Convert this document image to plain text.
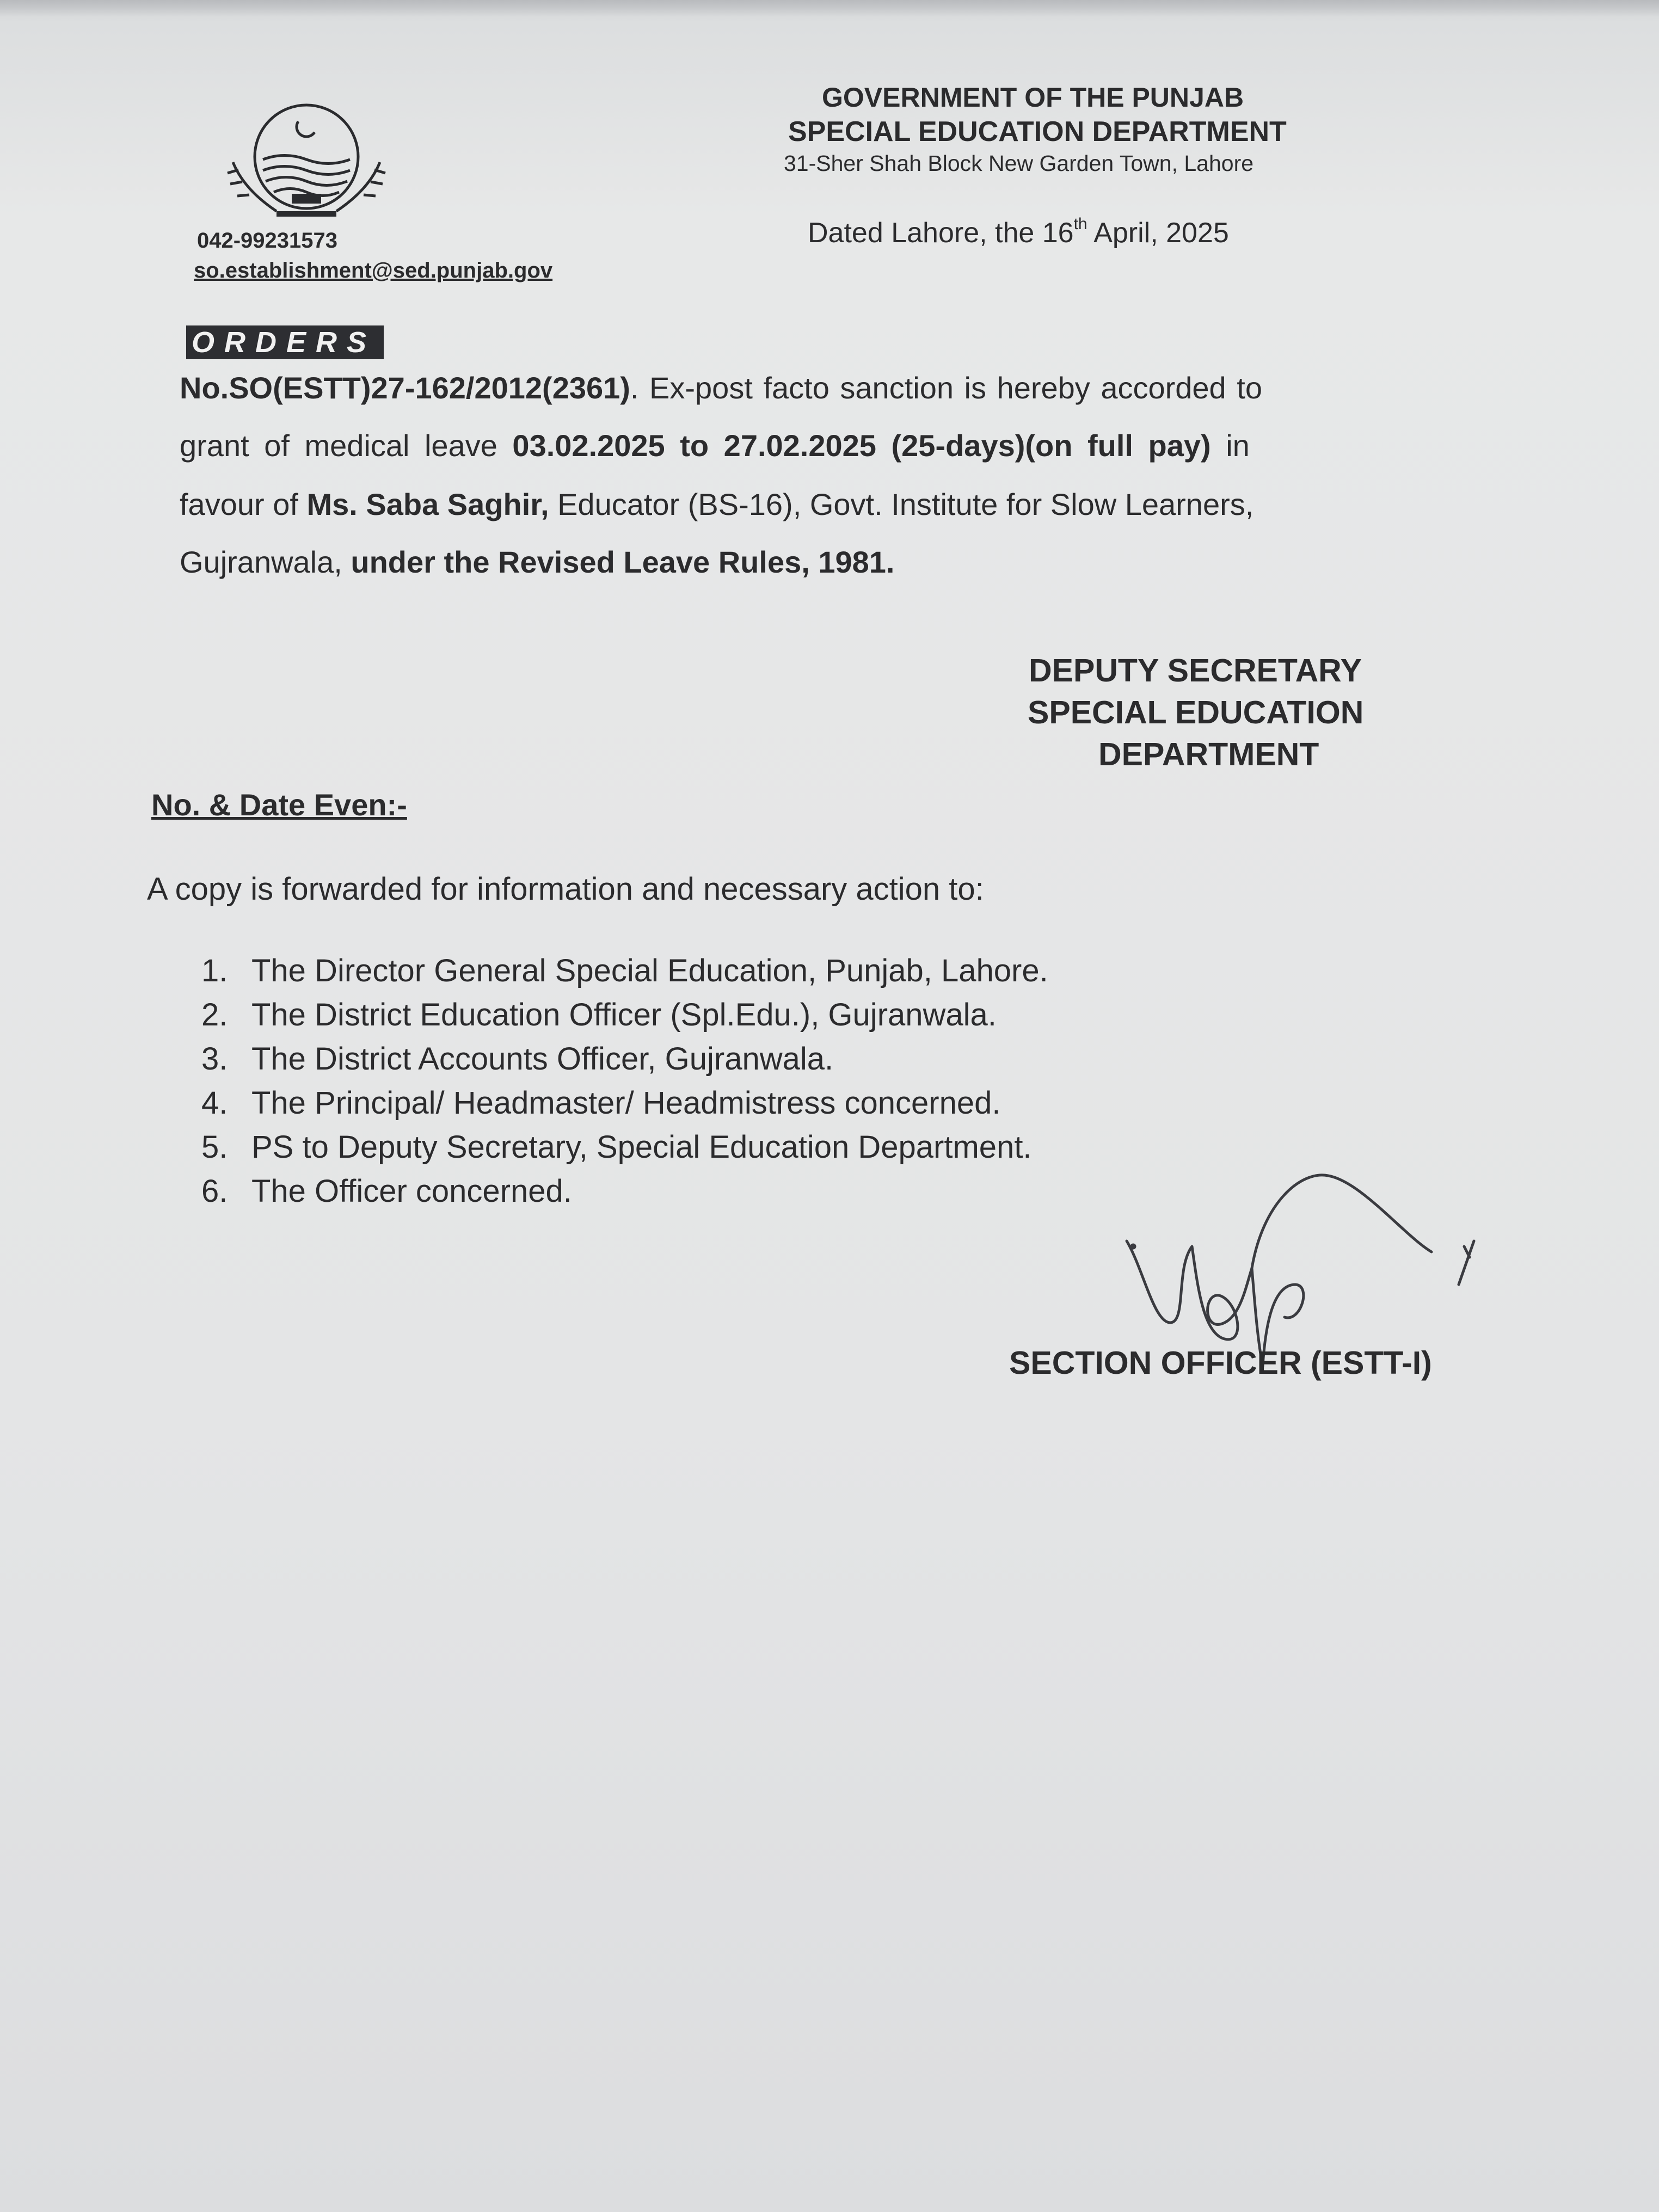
042-99231573
so.establishment@sed.punjab.gov
GOVERNMENT OF THE PUNJAB
SPECIAL EDUCATION DEPARTMENT
31-Sher Shah Block New Garden Town, Lahore
Dated Lahore, the 16th April, 2025
ORDERS
No.SO(ESTT)27-162/2012(2361). Ex-post facto sanction is hereby accorded to
grant of medical leave 03.02.2025 to 27.02.2025 (25-days)(on full pay) in
favour of Ms. Saba Saghir, Educator (BS-16), Govt. Institute for Slow Learners,
Gujranwala, under the Revised Leave Rules, 1981.
DEPUTY SECRETARY
SPECIAL EDUCATION
DEPARTMENT
No. & Date Even:-
A copy is forwarded for information and necessary action to:
1. The Director General Special Education, Punjab, Lahore.
2. The District Education Officer (Spl.Edu.), Gujranwala.
3. The District Accounts Officer, Gujranwala.
4. The Principal/ Headmaster/ Headmistress concerned.
5. PS to Deputy Secretary, Special Education Department.
6. The Officer concerned.
SECTION OFFICER (ESTT-I)
